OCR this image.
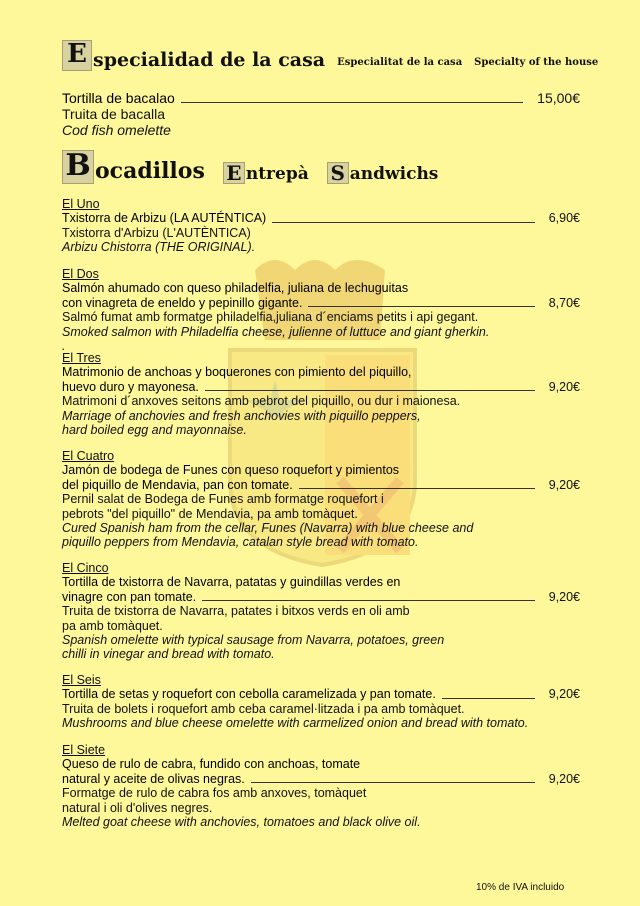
E specialidad de la casa Especialitat de la casa Specialty of the house
Tortilla de bacalao	15,00€
Truita de bacalla
Cod fish omelette
B ocadillos E ntrepà S andwichs
El Uno
Txistorra de Arbizu (LA AUTÉNTICA)	6,90€
Txistorra d'Arbizu (L'AUTÈNTICA)
Arbizu Chistorra (THE ORIGINAL).
El Dos
Salmón ahumado con queso philadelfia, juliana de lechuguitas
con vinagreta de eneldo y pepinillo gigante.	8,70€
Salmó fumat amb formatge philadelfia,juliana d´enciams petits i api gegant.
Smoked salmon with Philadelfia cheese, julienne of luttuce and giant gherkin.
.
El Tres
Matrimonio de anchoas y boquerones con pimiento del piquillo,
huevo duro y mayonesa.	9,20€
Matrimoni d´anxoves seitons amb pebrot del piquillo, ou dur i maionesa.
Marriage of anchovies and fresh anchovies with piquillo peppers,
hard boiled egg and mayonnaise.
El Cuatro
Jamón de bodega de Funes con queso roquefort y pimientos
del piquillo de Mendavia, pan con tomate.	9,20€
Pernil salat de Bodega de Funes amb formatge roquefort i
pebrots "del piquillo" de Mendavia, pa amb tomàquet.
Cured Spanish ham from the cellar, Funes (Navarra) with blue cheese and
piquillo peppers from Mendavia, catalan style bread with tomato.
El Cinco
Tortilla de txistorra de Navarra, patatas y guindillas verdes en
vinagre con pan tomate.	9,20€
Truita de txistorra de Navarra, patates i bitxos verds en oli amb
pa amb tomàquet.
Spanish omelette with typical sausage from Navarra, potatoes, green
chilli in vinegar and bread with tomato.
El Seis
Tortilla de setas y roquefort con cebolla caramelizada y pan tomate.	9,20€
Truita de bolets i roquefort amb ceba caramel·litzada i pa amb tomàquet.
Mushrooms and blue cheese omelette with carmelized onion and bread with tomato.
El Siete
Queso de rulo de cabra, fundido con anchoas, tomate
natural y aceite de olivas negras.	9,20€
Formatge de rulo de cabra fos amb anxoves, tomàquet
natural i oli d'olives negres.
Melted goat cheese with anchovies, tomatoes and black olive oil.
10% de IVA incluido
